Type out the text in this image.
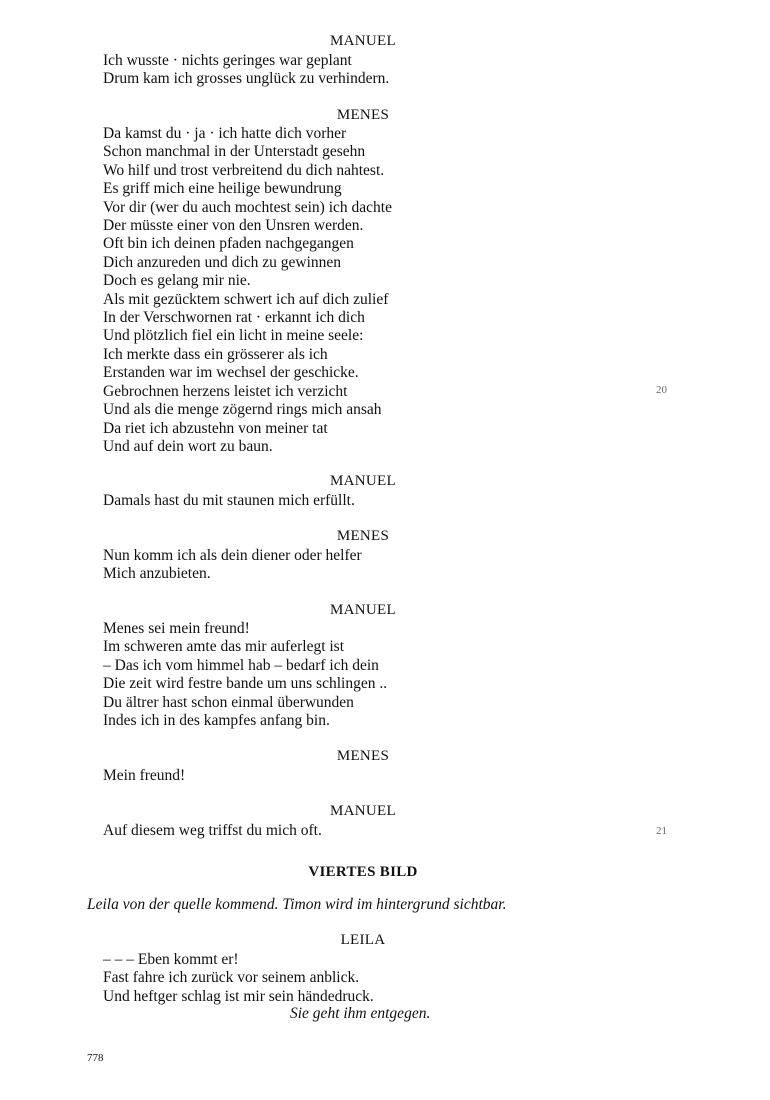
MANUEL
Ich wusste · nichts geringes war geplant
Drum kam ich grosses unglück zu verhindern.
MENES
Da kamst du · ja · ich hatte dich vorher
Schon manchmal in der Unterstadt gesehn
Wo hilf und trost verbreitend du dich nahtest.
Es griff mich eine heilige bewundrung
Vor dir (wer du auch mochtest sein) ich dachte
Der müsste einer von den Unsren werden.
Oft bin ich deinen pfaden nachgegangen
Dich anzureden und dich zu gewinnen
Doch es gelang mir nie.
Als mit gezücktem schwert ich auf dich zulief
In der Verschwornen rat · erkannt ich dich
Und plötzlich fiel ein licht in meine seele:
Ich merkte dass ein grösserer als ich
Erstanden war im wechsel der geschicke.
Gebrochnen herzens leistet ich verzicht
Und als die menge zögernd rings mich ansah
Da riet ich abzustehn von meiner tat
Und auf dein wort zu baun.
20
MANUEL
Damals hast du mit staunen mich erfüllt.
MENES
Nun komm ich als dein diener oder helfer
Mich anzubieten.
MANUEL
Menes sei mein freund!
Im schweren amte das mir auferlegt ist
– Das ich vom himmel hab – bedarf ich dein
Die zeit wird festre bande um uns schlingen ..
Du ältrer hast schon einmal überwunden
Indes ich in des kampfes anfang bin.
MENES
Mein freund!
MANUEL
Auf diesem weg triffst du mich oft.	21
VIERTES BILD
Leila von der quelle kommend. Timon wird im hintergrund sichtbar.
LEILA
– – – Eben kommt er!
Fast fahre ich zurück vor seinem anblick.
Und heftger schlag ist mir sein händedruck.
Sie geht ihm entgegen.
778
